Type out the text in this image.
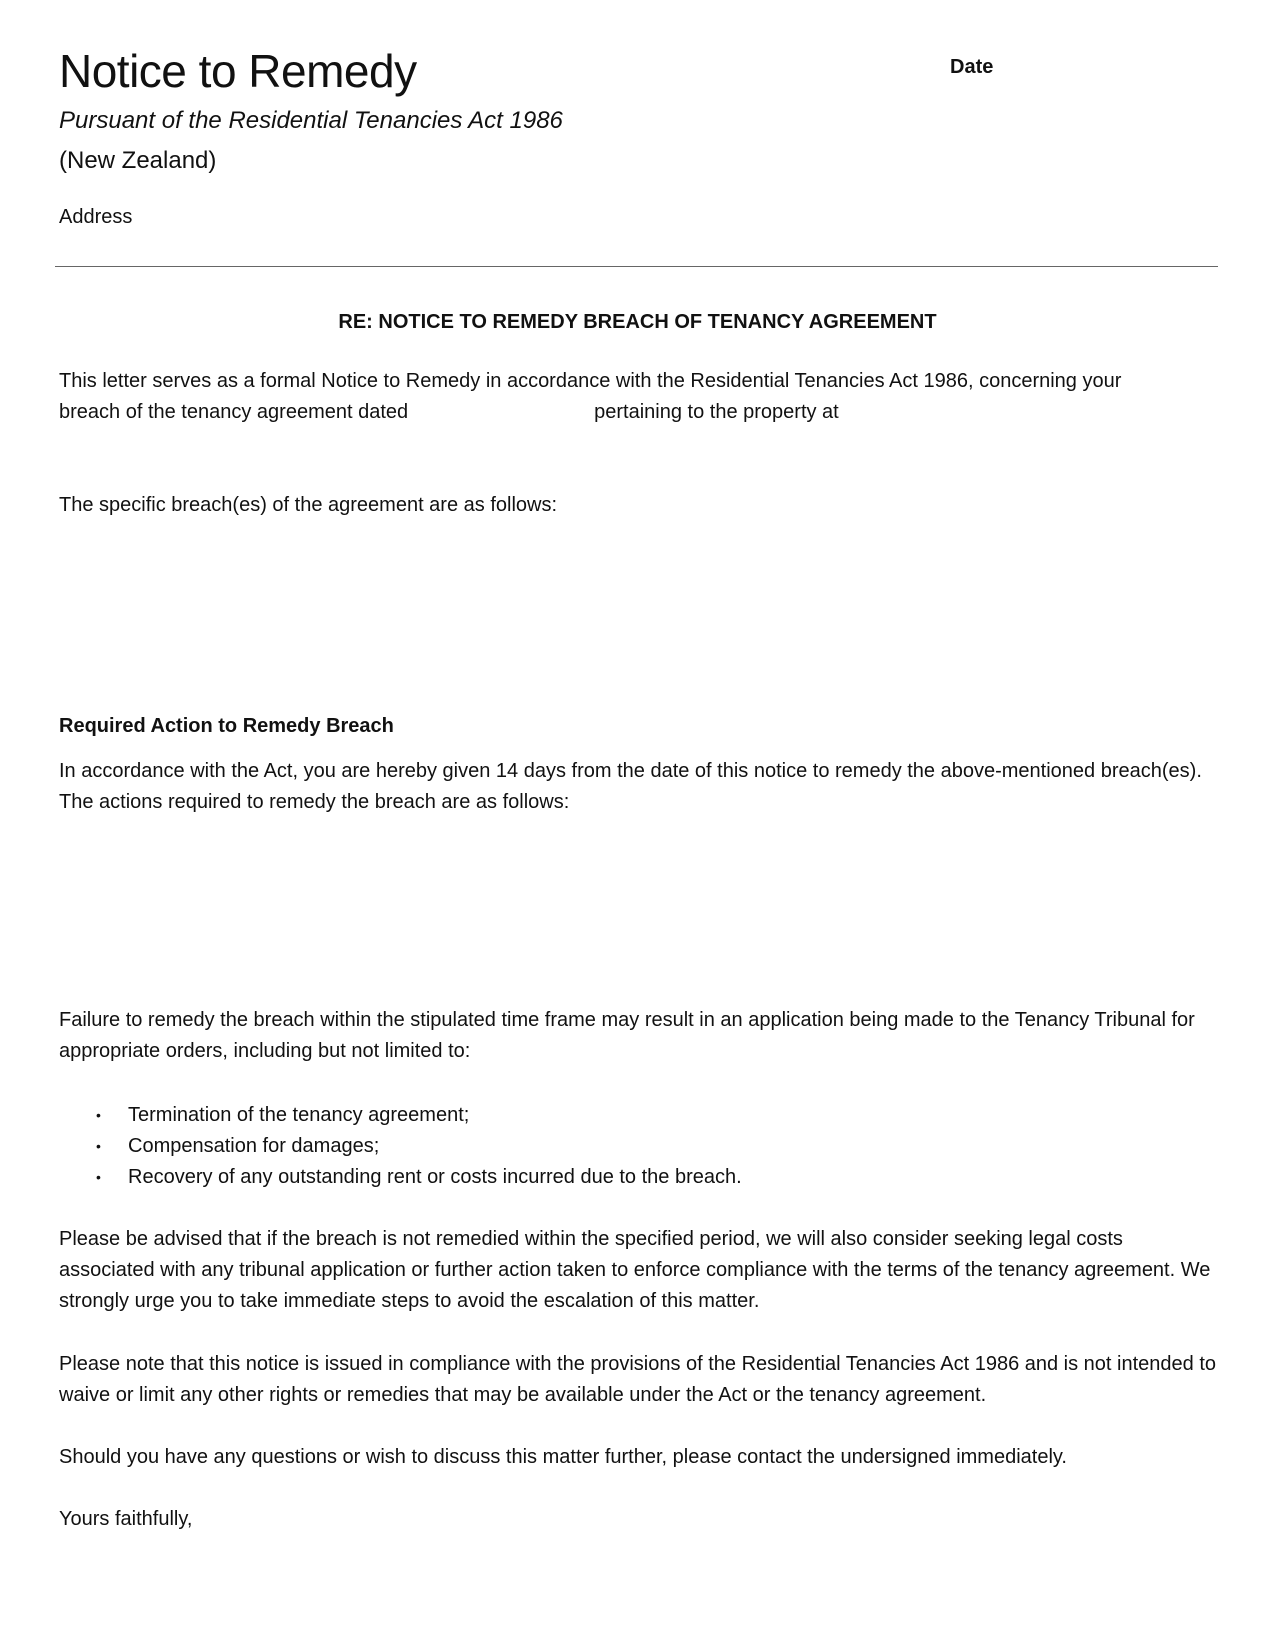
Notice to Remedy
Pursuant of the Residential Tenancies Act 1986
(New Zealand)
Address
Date
RE: NOTICE TO REMEDY BREACH OF TENANCY AGREEMENT
This letter serves as a formal Notice to Remedy in accordance with the Residential Tenancies Act 1986, concerning your
breach of the tenancy agreement dated	pertaining to the property at
The specific breach(es) of the agreement are as follows:
Required Action to Remedy Breach
In accordance with the Act, you are hereby given 14 days from the date of this notice to remedy the above-mentioned breach(es). The actions required to remedy the breach are as follows:
Failure to remedy the breach within the stipulated time frame may result in an application being made to the Tenancy Tribunal for appropriate orders, including but not limited to:
• Termination of the tenancy agreement;
• Compensation for damages;
• Recovery of any outstanding rent or costs incurred due to the breach.
Please be advised that if the breach is not remedied within the specified period, we will also consider seeking legal costs associated with any tribunal application or further action taken to enforce compliance with the terms of the tenancy agreement. We strongly urge you to take immediate steps to avoid the escalation of this matter.
Please note that this notice is issued in compliance with the provisions of the Residential Tenancies Act 1986 and is not intended to waive or limit any other rights or remedies that may be available under the Act or the tenancy agreement.
Should you have any questions or wish to discuss this matter further, please contact the undersigned immediately.
Yours faithfully,
